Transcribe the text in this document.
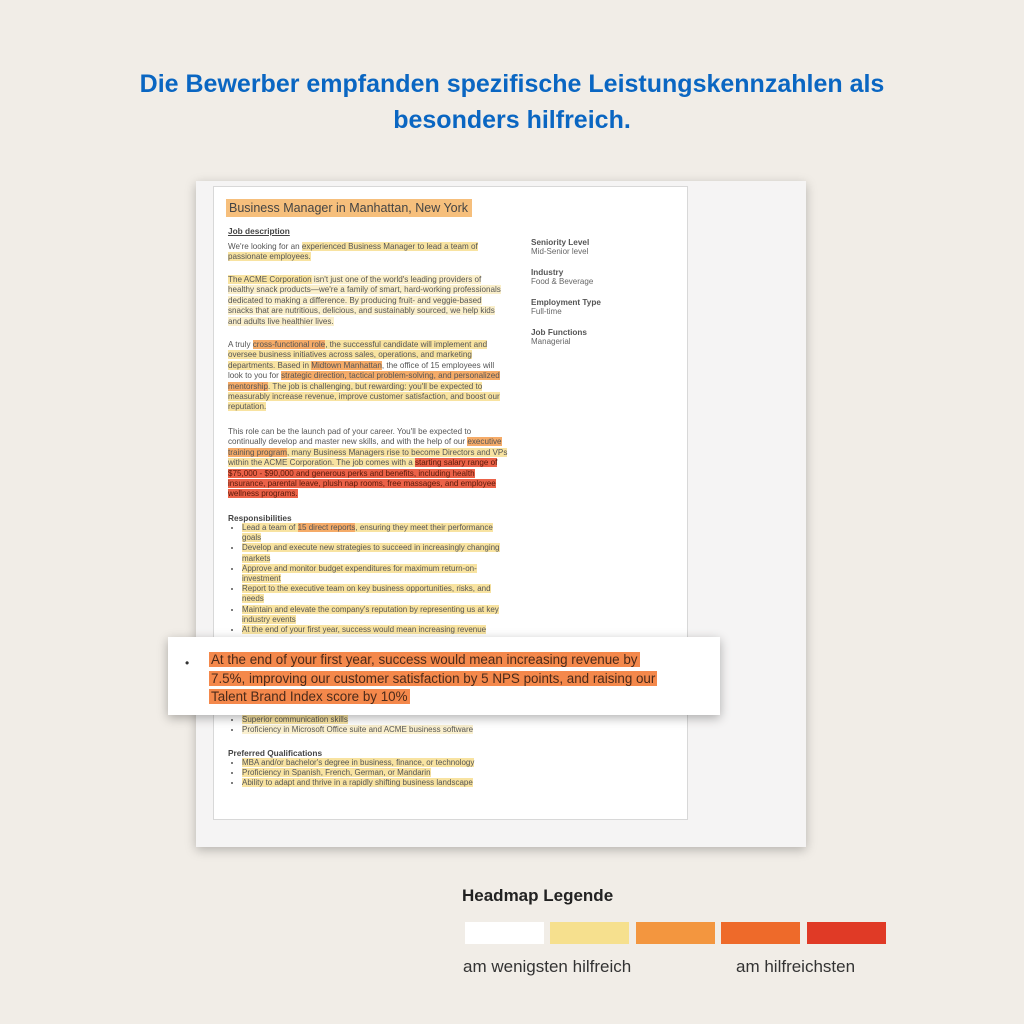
Die Bewerber empfanden spezifische Leistungskennzahlen als besonders hilfreich.

Business Manager in Manhattan, New York

Job description

We're looking for an experienced Business Manager to lead a team of passionate employees.

The ACME Corporation isn't just one of the world's leading providers of healthy snack products—we're a family of smart, hard-working professionals dedicated to making a difference. By producing fruit- and veggie-based snacks that are nutritious, delicious, and sustainably sourced, we help kids and adults live healthier lives.

A truly cross-functional role, the successful candidate will implement and oversee business initiatives across sales, operations, and marketing departments. Based in Midtown Manhattan, the office of 15 employees will look to you for strategic direction, tactical problem-solving, and personalized mentorship. The job is challenging, but rewarding: you'll be expected to measurably increase revenue, improve customer satisfaction, and boost our reputation.

This role can be the launch pad of your career. You'll be expected to continually develop and master new skills, and with the help of our executive training program, many Business Managers rise to become Directors and VPs within the ACME Corporation. The job comes with a starting salary range of $75,000 - $90,000 and generous perks and benefits, including health insurance, parental leave, plush nap rooms, free massages, and employee wellness programs.

Responsibilities

• Lead a team of 15 direct reports, ensuring they meet their performance goals
• Develop and execute new strategies to succeed in increasingly changing markets
• Approve and monitor budget expenditures for maximum return-on-investment
• Report to the executive team on key business opportunities, risks, and needs
• Maintain and elevate the company's reputation by representing us at key industry events
• At the end of your first year, success would mean increasing revenue
• Superior communication skills
• Proficiency in Microsoft Office suite and ACME business software

Preferred Qualifications

• MBA and/or bachelor's degree in business, finance, or technology
• Proficiency in Spanish, French, German, or Mandarin
• Ability to adapt and thrive in a rapidly shifting business landscape

Seniority Level

Mid-Senior level

Industry

Food & Beverage

Employment Type

Full-time

Job Functions

Managerial

• At the end of your first year, success would mean increasing revenue by 7.5%, improving our customer satisfaction by 5 NPS points, and raising our Talent Brand Index score by 10%

Headmap Legende

am wenigsten hilfreich	am hilfreichsten
